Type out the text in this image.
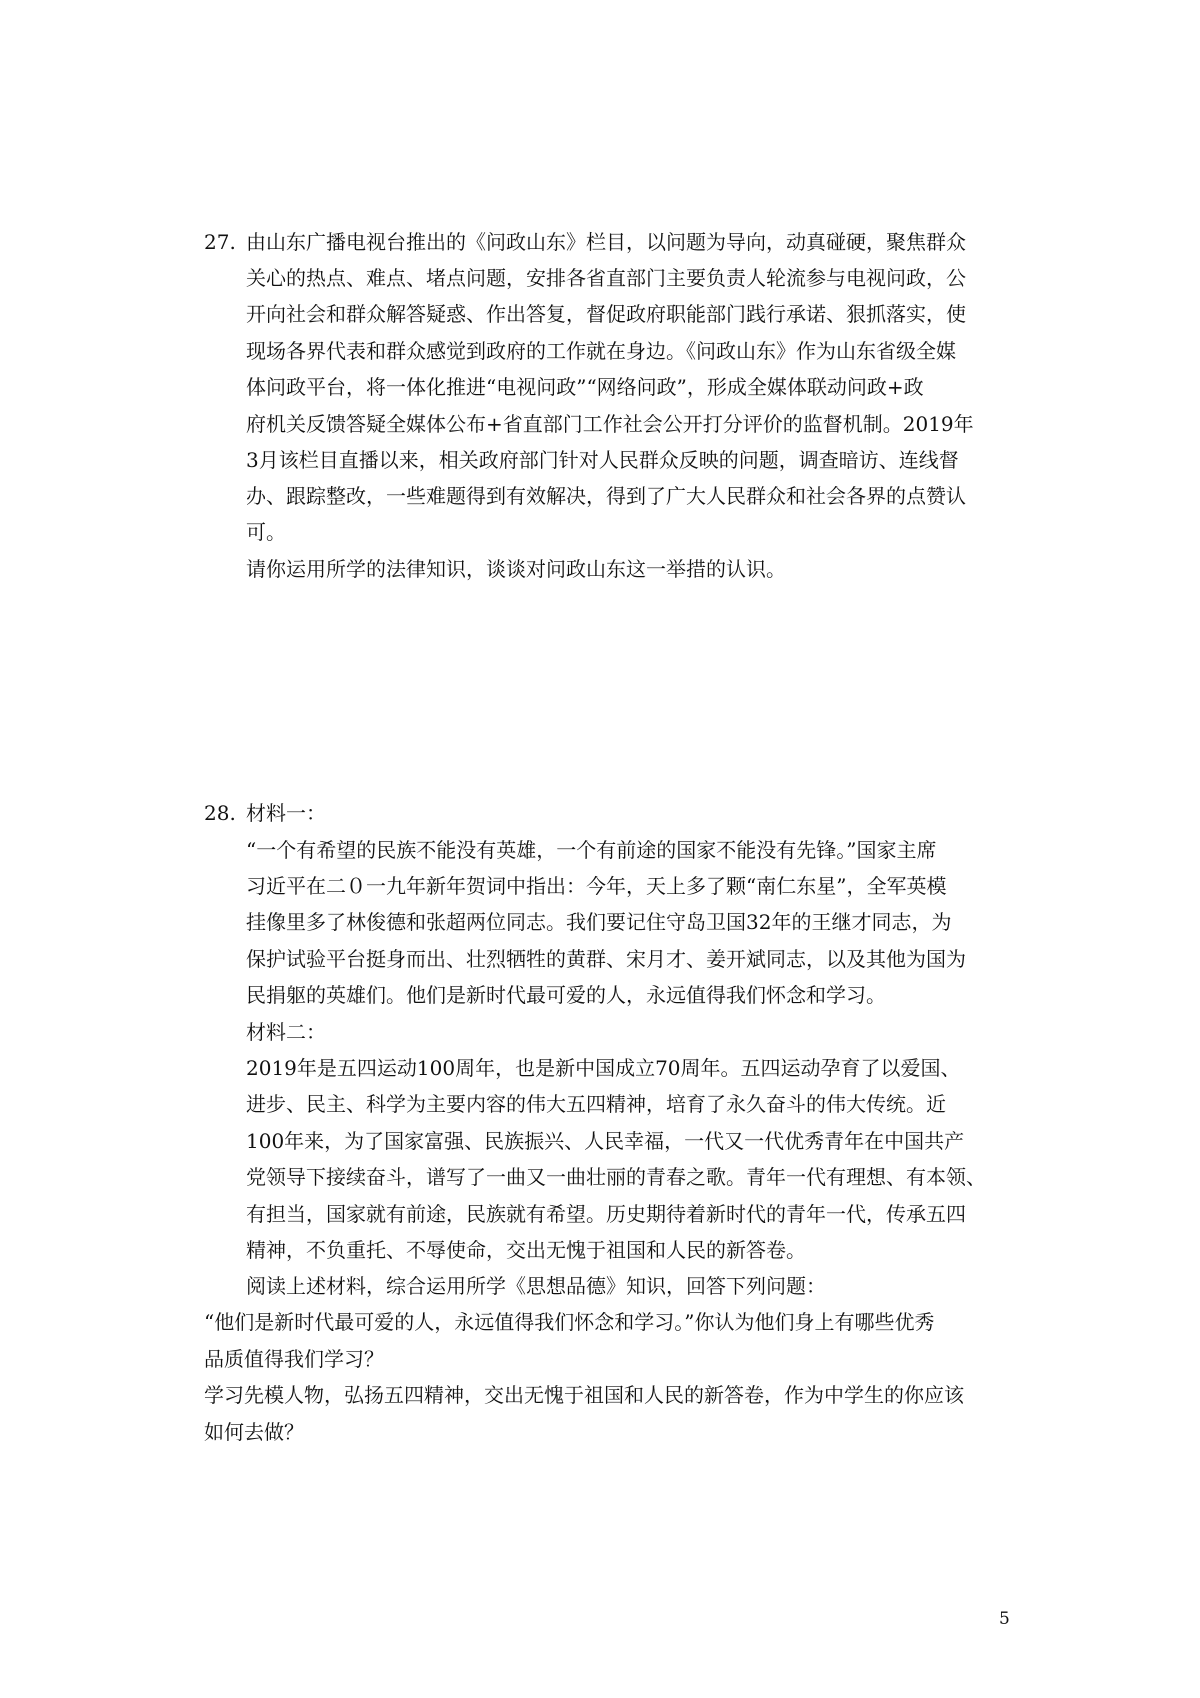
27. 由山东广播电视台推出的《问政山东》栏目，以问题为导向，动真碰硬，聚焦群众
关心的热点、难点、堵点问题，安排各省直部门主要负责人轮流参与电视问政，公
开向社会和群众解答疑惑、作出答复，督促政府职能部门践行承诺、狠抓落实，使
现场各界代表和群众感觉到政府的工作就在身边。《问政山东》作为山东省级全媒
体问政平台，将一体化推进“电视问政”“网络问政”，形成全媒体联动问政+政
府机关反馈答疑全媒体公布+省直部门工作社会公开打分评价的监督机制。2019年
3月该栏目直播以来，相关政府部门针对人民群众反映的问题，调查暗访、连线督
办、跟踪整改，一些难题得到有效解决，得到了广大人民群众和社会各界的点赞认
可。
请你运用所学的法律知识，谈谈对问政山东这一举措的认识。
28. 材料一：
“一个有希望的民族不能没有英雄，一个有前途的国家不能没有先锋。”国家主席
习近平在二０一九年新年贺词中指出：今年，天上多了颗“南仁东星”，全军英模
挂像里多了林俊德和张超两位同志。我们要记住守岛卫国32年的王继才同志，为
保护试验平台挺身而出、壮烈牺牲的黄群、宋月才、姜开斌同志，以及其他为国为
民捐躯的英雄们。他们是新时代最可爱的人，永远值得我们怀念和学习。
材料二：
2019年是五四运动100周年，也是新中国成立70周年。五四运动孕育了以爱国、
进步、民主、科学为主要内容的伟大五四精神，培育了永久奋斗的伟大传统。近
100年来，为了国家富强、民族振兴、人民幸福，一代又一代优秀青年在中国共产
党领导下接续奋斗，谱写了一曲又一曲壮丽的青春之歌。青年一代有理想、有本领、
有担当，国家就有前途，民族就有希望。历史期待着新时代的青年一代，传承五四
精神，不负重托、不辱使命，交出无愧于祖国和人民的新答卷。
阅读上述材料，综合运用所学《思想品德》知识，回答下列问题：
“他们是新时代最可爱的人，永远值得我们怀念和学习。”你认为他们身上有哪些优秀
品质值得我们学习？
学习先模人物，弘扬五四精神，交出无愧于祖国和人民的新答卷，作为中学生的你应该
如何去做？
5
